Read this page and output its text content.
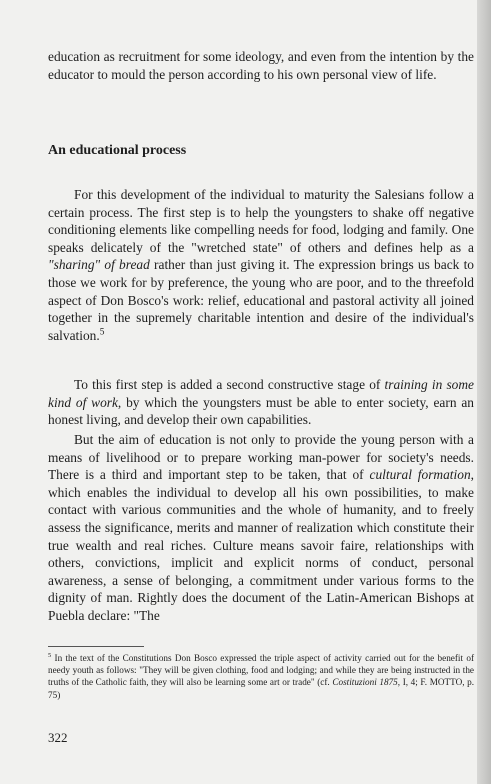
education as recruitment for some ideology, and even from the intention by the educator to mould the person according to his own personal view of life.

An educational process

For this development of the individual to maturity the Salesians follow a certain process. The first step is to help the youngsters to shake off negative conditioning elements like compelling needs for food, lodging and family. One speaks delicately of the "wretched state" of others and defines help as a "sharing" of bread rather than just giving it. The expression brings us back to those we work for by preference, the young who are poor, and to the threefold aspect of Don Bosco's work: relief, educational and pastoral activity all joined together in the supremely charitable intention and desire of the individual's salvation.$^5$

To this first step is added a second constructive stage of training in some kind of work, by which the youngsters must be able to enter society, earn an honest living, and develop their own capabilities.

But the aim of education is not only to provide the young person with a means of livelihood or to prepare working man-power for society's needs. There is a third and important step to be taken, that of cultural formation, which enables the individual to develop all his own possibilities, to make contact with various communities and the whole of humanity, and to freely assess the significance, merits and manner of realization which constitute their true wealth and real riches. Culture means savoir faire, relationships with others, convictions, implicit and explicit norms of conduct, personal awareness, a sense of belonging, a commitment under various forms to the dignity of man. Rightly does the document of the Latin-American Bishops at Puebla declare: "The

$^5$ In the text of the Constitutions Don Bosco expressed the triple aspect of activity carried out for the benefit of needy youth as follows: "They will be given clothing, food and lodging; and while they are being instructed in the truths of the Catholic faith, they will also be learning some art or trade" (cf. Costituzioni 1875, I, 4; F. MOTTO, p. 75)
322
